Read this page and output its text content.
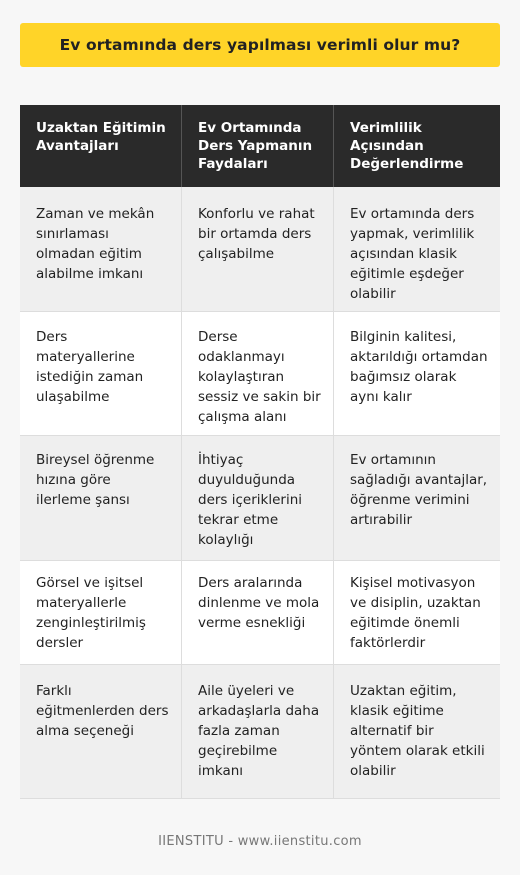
Ev ortamında ders yapılması verimli olur mu?
Uzaktan Eğitimin Avantajları
Ev Ortamında Ders Yapmanın Faydaları
Verimlilik Açısından Değerlendirme
Zaman ve mekân sınırlaması olmadan eğitim alabilme imkanı
Konforlu ve rahat bir ortamda ders çalışabilme
Ev ortamında ders yapmak, verimlilik açısından klasik eğitimle eşdeğer olabilir
Ders materyallerine istediğin zaman ulaşabilme
Derse odaklanmayı kolaylaştıran sessiz ve sakin bir çalışma alanı
Bilginin kalitesi, aktarıldığı ortamdan bağımsız olarak aynı kalır
Bireysel öğrenme hızına göre ilerleme şansı
İhtiyaç duyulduğunda ders içeriklerini tekrar etme kolaylığı
Ev ortamının sağladığı avantajlar, öğrenme verimini artırabilir
Görsel ve işitsel materyallerle zenginleştirilmiş dersler
Ders aralarında dinlenme ve mola verme esnekliği
Kişisel motivasyon ve disiplin, uzaktan eğitimde önemli faktörlerdir
Farklı eğitmenlerden ders alma seçeneği
Aile üyeleri ve arkadaşlarla daha fazla zaman geçirebilme imkanı
Uzaktan eğitim, klasik eğitime alternatif bir yöntem olarak etkili olabilir
IIENSTITU - www.iienstitu.com
